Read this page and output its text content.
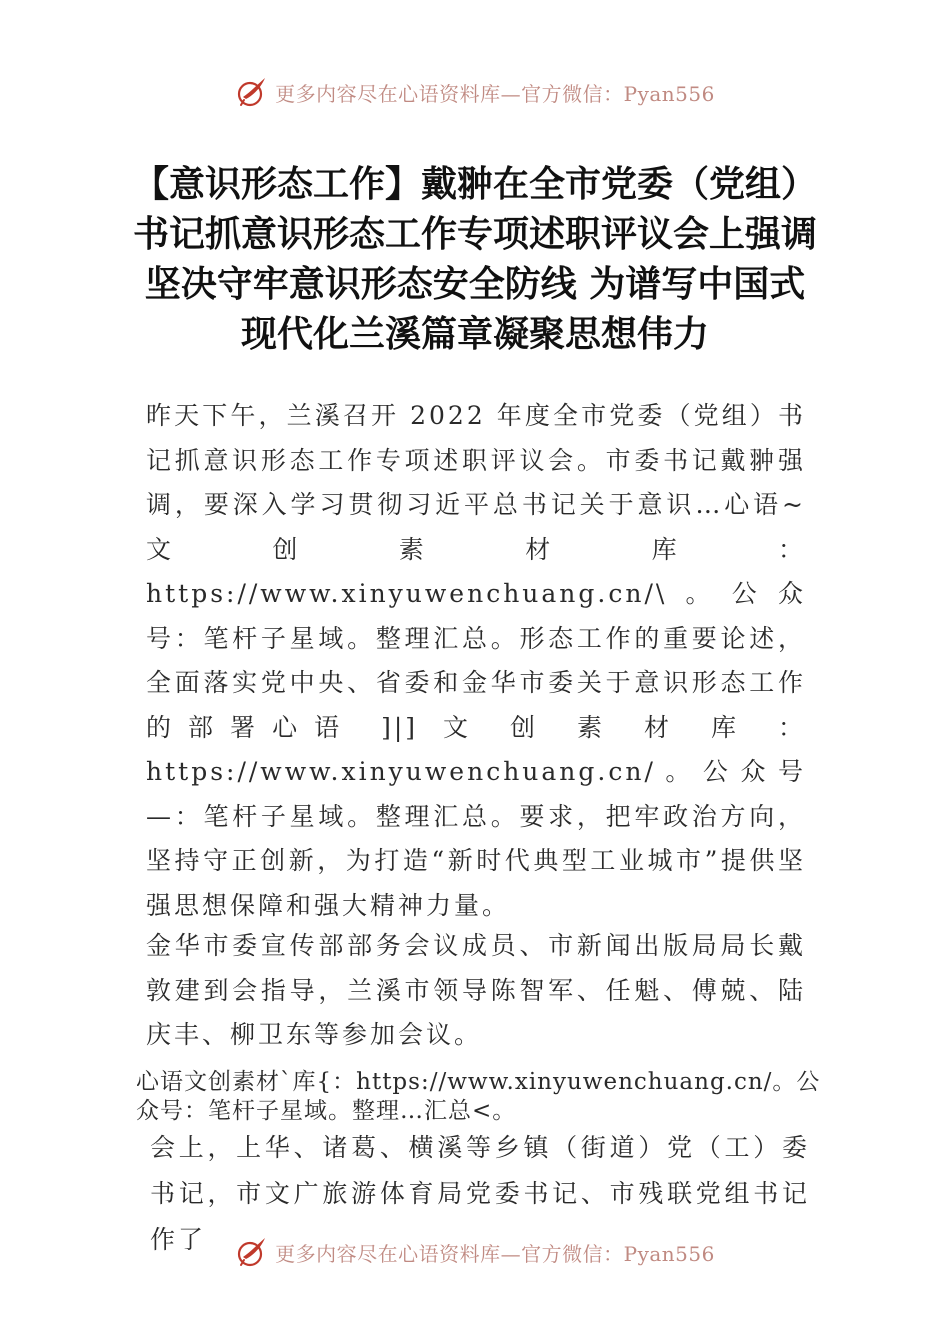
更多内容尽在心语资料库—官方微信：Pyan556
【意识形态工作】戴翀在全市党委（党组）书记抓意识形态工作专项述职评议会上强调坚决守牢意识形态安全防线 为谱写中国式现代化兰溪篇章凝聚思想伟力

昨天下午，兰溪召开 2022 年度全市党委（党组）书记抓意识形态工作专项述职评议会。市委书记戴翀强调，要深入学习贯彻习近平总书记关于意识…心语~文创素材库：https://www.xinyuwenchuang.cn/\。公众号：笔杆子星域。整理汇总。形态工作的重要论述，全面落实党中央、省委和金华市委关于意识形态工作的部署心语 ]|] 文 创 素 材 库 ： https://www.xinyuwenchuang.cn/。公众号—：笔杆子星域。整理汇总。要求，把牢政治方向，坚持守正创新，为打造“新时代典型工业城市”提供坚强思想保障和强大精神力量。

金华市委宣传部部务会议成员、市新闻出版局局长戴敦建到会指导，兰溪市领导陈智军、任魁、傅兢、陆庆丰、柳卫东等参加会议。

心语文创素材`库{：https://www.xinyuwenchuang.cn/。公众号：笔杆子星域。整理…汇总<。

会上，上华、诸葛、横溪等乡镇（街道）党（工）委书记，市文广旅游体育局党委书记、市残联党组书记作了	更多内容尽在心语资料库—官方微信：Pyan556
